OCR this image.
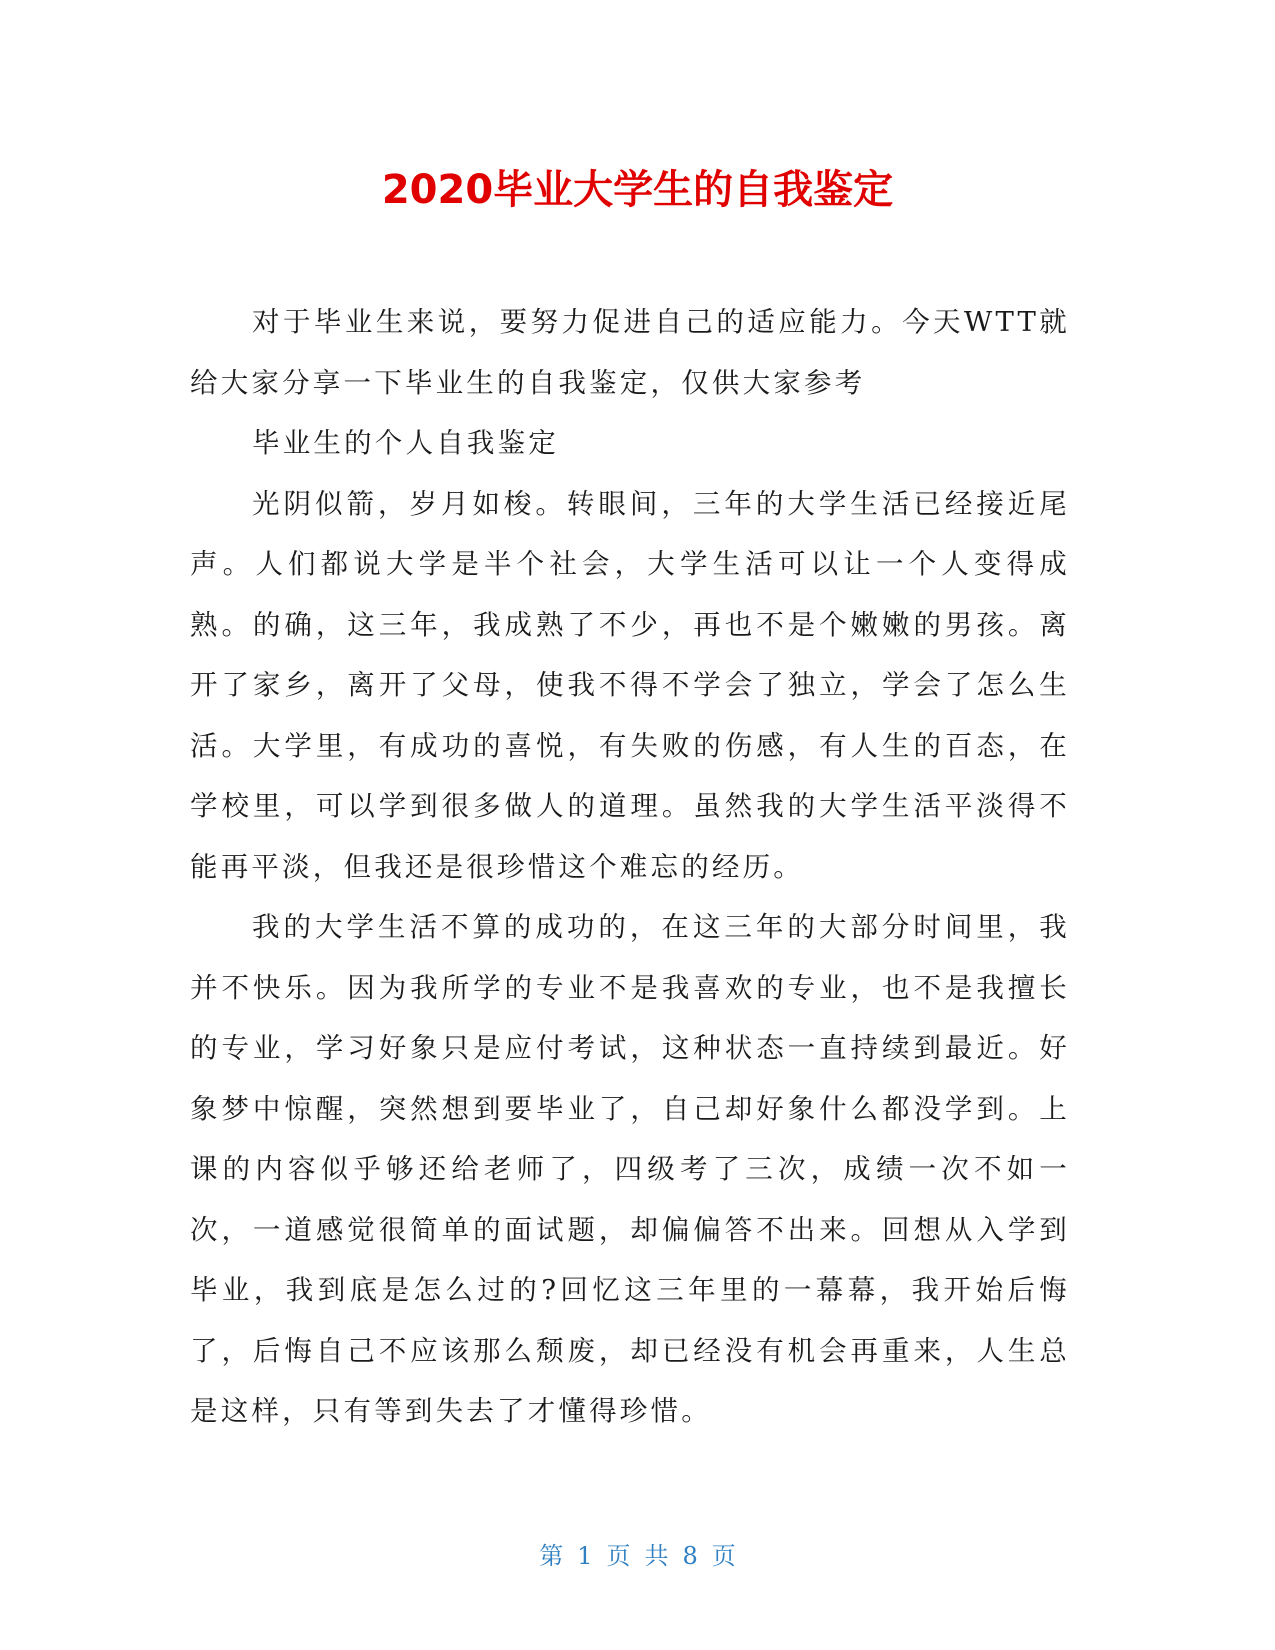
2020毕业大学生的自我鉴定

对于毕业生来说，要努力促进自己的适应能力。今天WTT就给大家分享一下毕业生的自我鉴定，仅供大家参考

毕业生的个人自我鉴定

光阴似箭，岁月如梭。转眼间，三年的大学生活已经接近尾声。人们都说大学是半个社会，大学生活可以让一个人变得成熟。的确，这三年，我成熟了不少，再也不是个嫩嫩的男孩。离开了家乡，离开了父母，使我不得不学会了独立，学会了怎么生活。大学里，有成功的喜悦，有失败的伤感，有人生的百态，在学校里，可以学到很多做人的道理。虽然我的大学生活平淡得不能再平淡，但我还是很珍惜这个难忘的经历。

我的大学生活不算的成功的，在这三年的大部分时间里，我并不快乐。因为我所学的专业不是我喜欢的专业，也不是我擅长的专业，学习好象只是应付考试，这种状态一直持续到最近。好象梦中惊醒，突然想到要毕业了，自己却好象什么都没学到。上课的内容似乎够还给老师了，四级考了三次，成绩一次不如一次，一道感觉很简单的面试题，却偏偏答不出来。回想从入学到毕业，我到底是怎么过的?回忆这三年里的一幕幕，我开始后悔了，后悔自己不应该那么颓废，却已经没有机会再重来，人生总是这样，只有等到失去了才懂得珍惜。

第 1 页 共 8 页
